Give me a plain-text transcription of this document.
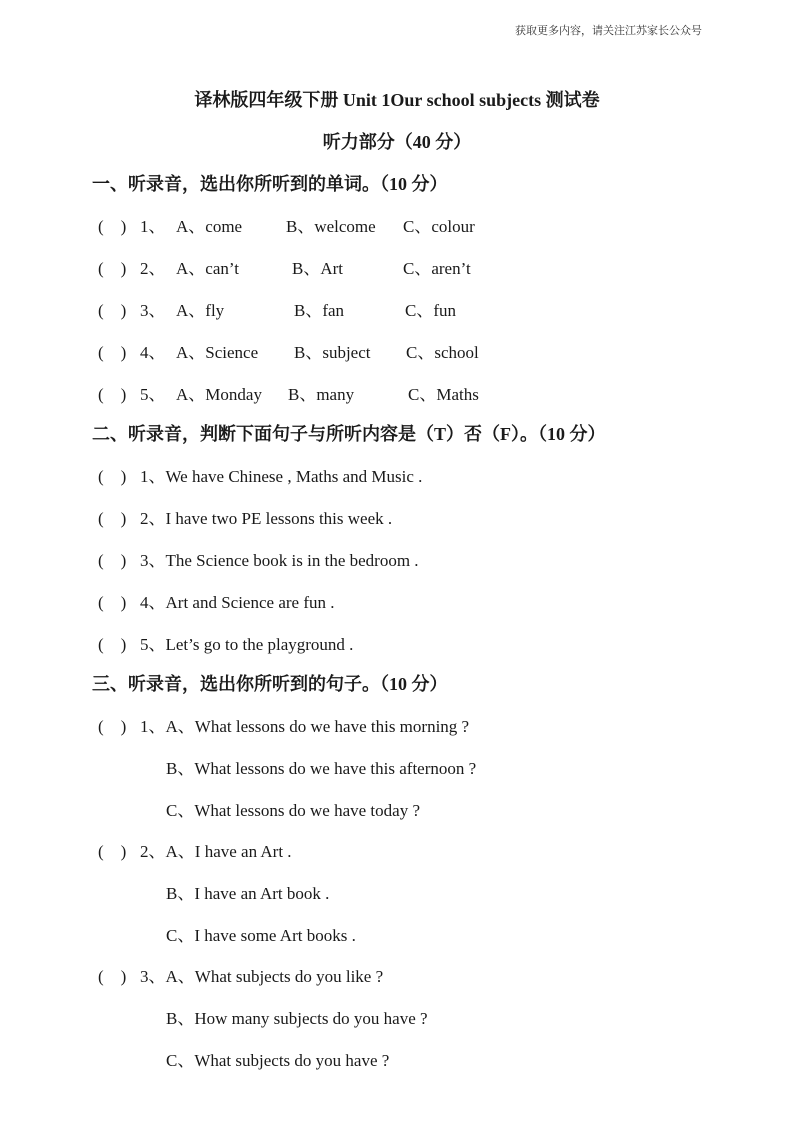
获取更多内容，请关注江苏家长公众号
译林版四年级下册 Unit 1Our school subjects 测试卷
听力部分（40 分）
一、听录音，选出你所听到的单词。（10 分）
(　) 1、 A、come	B、welcome C、colour
(　) 2、 A、can’t	B、Art	C、aren’t
(　) 3、 A、fly	B、fan	C、fun
(　) 4、 A、Science B、subject C、school
(　) 5、 A、Monday B、many	C、Maths
二、听录音，判断下面句子与所听内容是（T）否（F）。（10 分）
(　) 1、We have Chinese , Maths and Music .
(　) 2、I have two PE lessons this week .
(　) 3、The Science book is in the bedroom .
(　) 4、Art and Science are fun .
(　) 5、Let’s go to the playground .
三、听录音，选出你所听到的句子。（10 分）
(　) 1、A、What lessons do we have this morning ?
B、What lessons do we have this afternoon ?
C、What lessons do we have today ?
(　) 2、A、I have an Art .
B、I have an Art book .
C、I have some Art books .
(　) 3、A、What subjects do you like ?
B、How many subjects do you have ?
C、What subjects do you have ?
